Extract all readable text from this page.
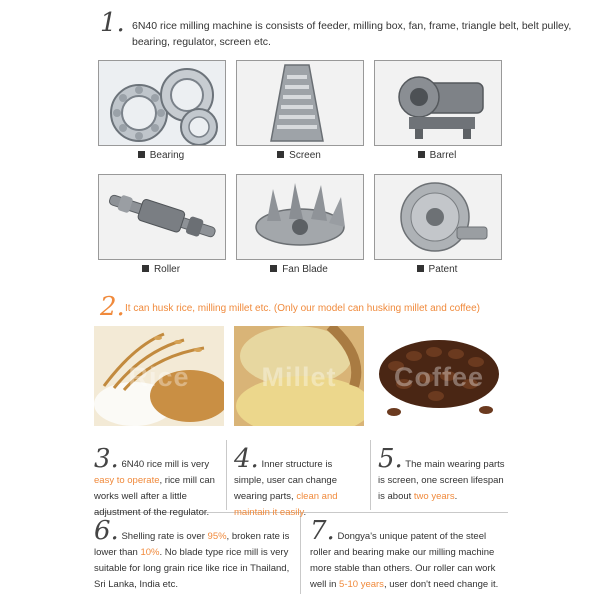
1. 6N40 rice milling machine is consists of feeder, milling box, fan, frame, triangle belt, belt pulley, bearing, regulator, screen etc.
Bearing	Screen	Barrel
Roller	Fan Blade	Patent
2. It can husk rice, milling millet etc. (Only our model can husking millet and coffee)
Rice	Millet	Coffee
3. 6N40 rice mill is very easy to operate, rice mill can works well after a little adjustment of the regulator.
4. Inner structure is simple, user can change wearing parts, clean and maintain it easily.
5. The main wearing parts is screen, one screen lifespan is about two years.
6. Shelling rate is over 95%, broken rate is lower than 10%. No blade type rice mill is very suitable for long grain rice like rice in Thailand, Sri Lanka, India etc.
7. Dongya's unique patent of the steel roller and bearing make our milling machine more stable than others. Our roller can work well in 5-10 years, user don't need change it.
